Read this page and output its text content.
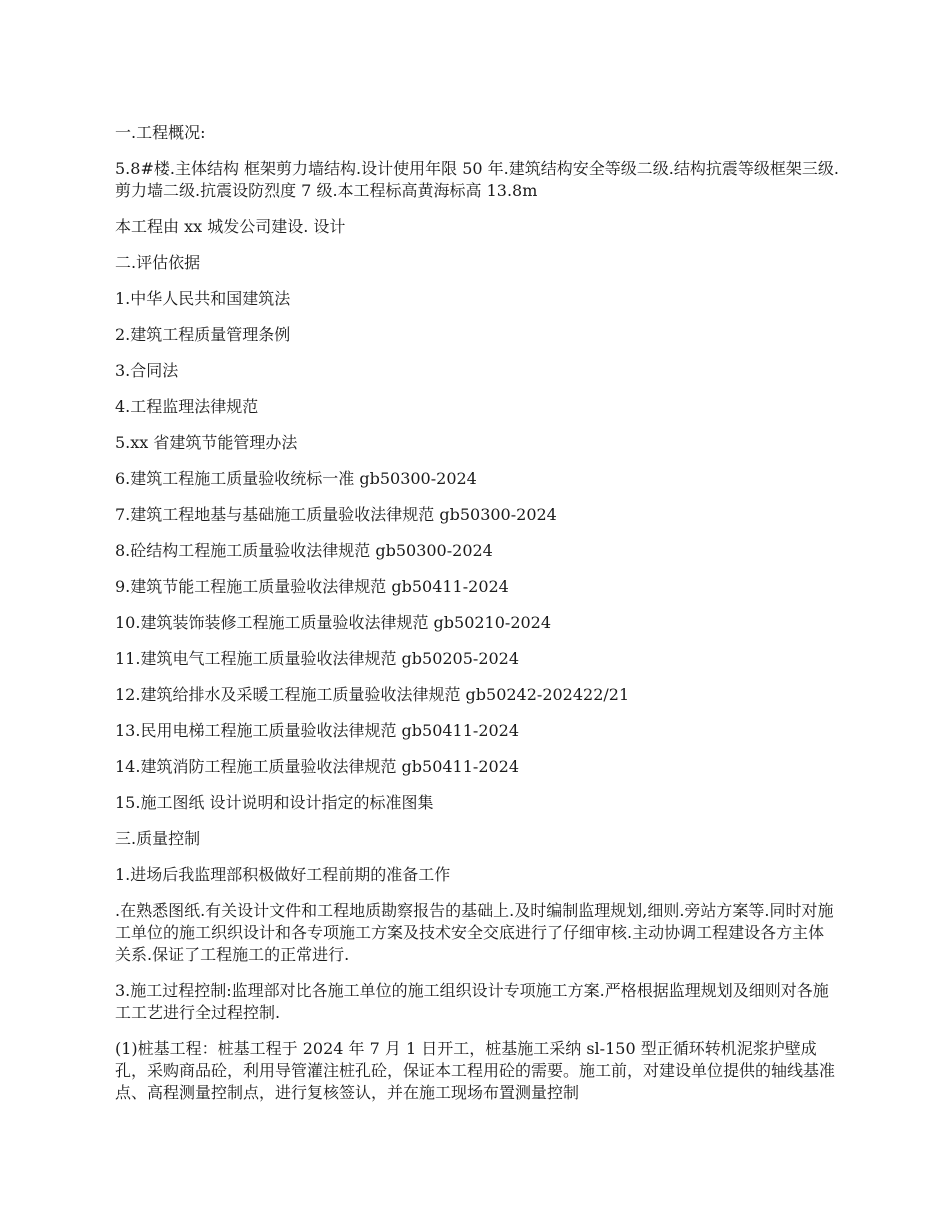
一.工程概况:

5.8#楼.主体结构 框架剪力墙结构.设计使用年限 50 年.建筑结构安全等级二级.结构抗震等级框架三级.剪力墙二级.抗震设防烈度 7 级.本工程标高黄海标高 13.8m

本工程由 xx 城发公司建设. 设计

二.评估依据

1.中华人民共和国建筑法

2.建筑工程质量管理条例

3.合同法

4.工程监理法律规范

5.xx 省建筑节能管理办法

6.建筑工程施工质量验收统标一准 gb50300-2024

7.建筑工程地基与基础施工质量验收法律规范 gb50300-2024

8.砼结构工程施工质量验收法律规范 gb50300-2024

9.建筑节能工程施工质量验收法律规范 gb50411-2024

10.建筑装饰装修工程施工质量验收法律规范 gb50210-2024

11.建筑电气工程施工质量验收法律规范 gb50205-2024

12.建筑给排水及采暖工程施工质量验收法律规范 gb50242-202422/21

13.民用电梯工程施工质量验收法律规范 gb50411-2024

14.建筑消防工程施工质量验收法律规范 gb50411-2024

15.施工图纸 设计说明和设计指定的标准图集

三.质量控制

1.进场后我监理部积极做好工程前期的准备工作

.在熟悉图纸.有关设计文件和工程地质勘察报告的基础上.及时编制监理规划,细则.旁站方案等.同时对施工单位的施工织织设计和各专项施工方案及技术安全交底进行了仔细审核.主动协调工程建设各方主体关系.保证了工程施工的正常进行.

3.施工过程控制:监理部对比各施工单位的施工组织设计专项施工方案.严格根据监理规划及细则对各施工工艺进行全过程控制.

(1)桩基工程：桩基工程于 2024 年 7 月 1 日开工，桩基施工采纳 sl-150 型正循环转机泥浆护壁成孔，采购商品砼，利用导管灌注桩孔砼，保证本工程用砼的需要。施工前，对建设单位提供的轴线基准点、高程测量控制点，进行复核签认，并在施工现场布置测量控制
